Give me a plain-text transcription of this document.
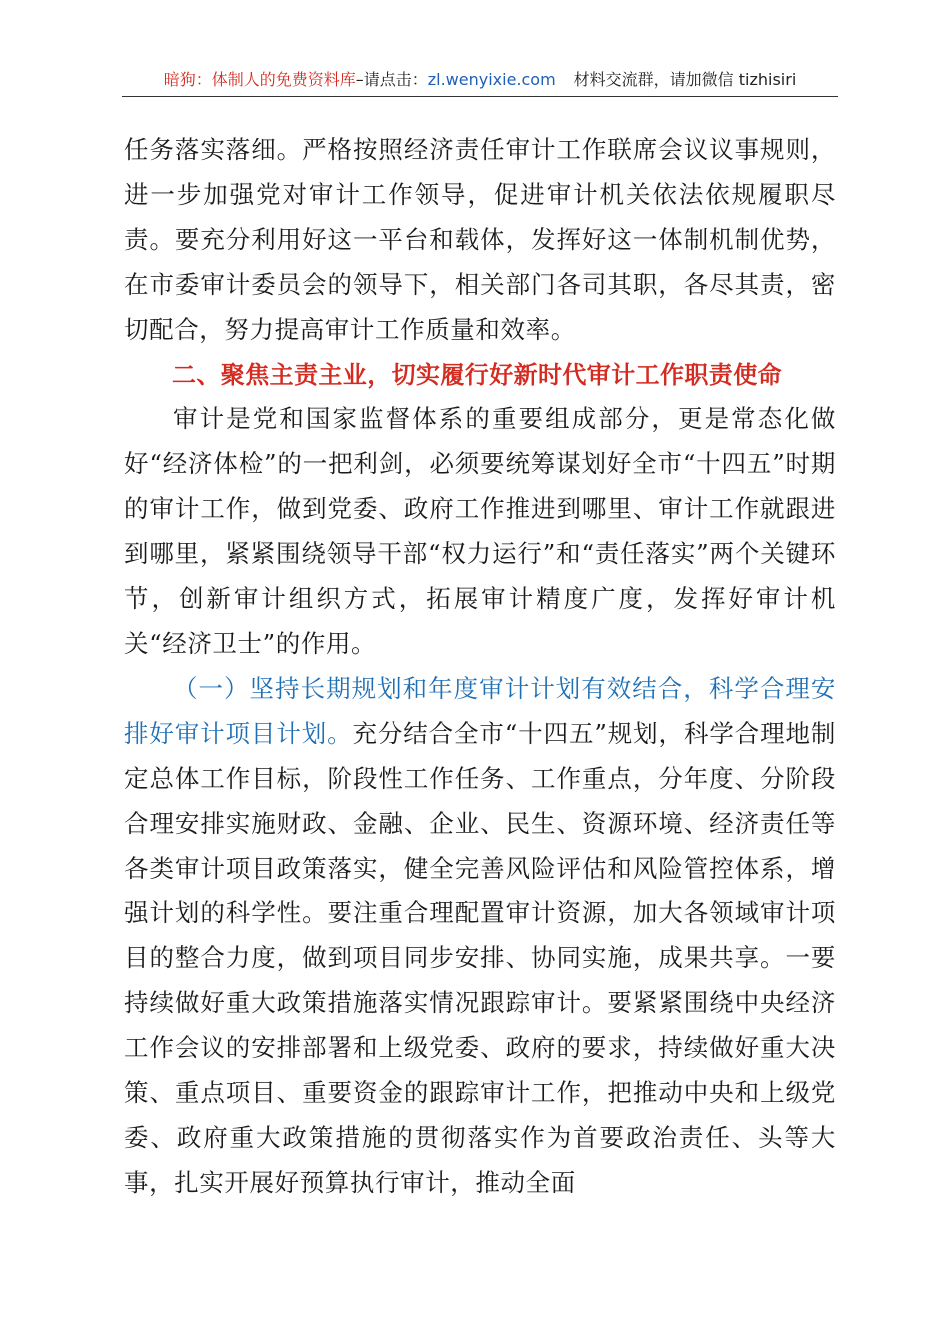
暗狗：体制人的免费资料库–请点击：zl.wenyixie.com 材料交流群，请加微信 tizhisiri

任务落实落细。严格按照经济责任审计工作联席会议议事规则，进一步加强党对审计工作领导，促进审计机关依法依规履职尽责。要充分利用好这一平台和载体，发挥好这一体制机制优势，在市委审计委员会的领导下，相关部门各司其职，各尽其责，密切配合，努力提高审计工作质量和效率。

二、聚焦主责主业，切实履行好新时代审计工作职责使命

审计是党和国家监督体系的重要组成部分，更是常态化做好“经济体检”的一把利剑，必须要统筹谋划好全市“十四五”时期的审计工作，做到党委、政府工作推进到哪里、审计工作就跟进到哪里，紧紧围绕领导干部“权力运行”和“责任落实”两个关键环节，创新审计组织方式，拓展审计精度广度，发挥好审计机关“经济卫士”的作用。

（一）坚持长期规划和年度审计计划有效结合，科学合理安排好审计项目计划。充分结合全市“十四五”规划，科学合理地制定总体工作目标，阶段性工作任务、工作重点，分年度、分阶段合理安排实施财政、金融、企业、民生、资源环境、经济责任等各类审计项目政策落实，健全完善风险评估和风险管控体系，增强计划的科学性。要注重合理配置审计资源，加大各领域审计项目的整合力度，做到项目同步安排、协同实施，成果共享。一要持续做好重大政策措施落实情况跟踪审计。要紧紧围绕中央经济工作会议的安排部署和上级党委、政府的要求，持续做好重大决策、重点项目、重要资金的跟踪审计工作，把推动中央和上级党委、政府重大政策措施的贯彻落实作为首要政治责任、头等大事，扎实开展好预算执行审计，推动全面
